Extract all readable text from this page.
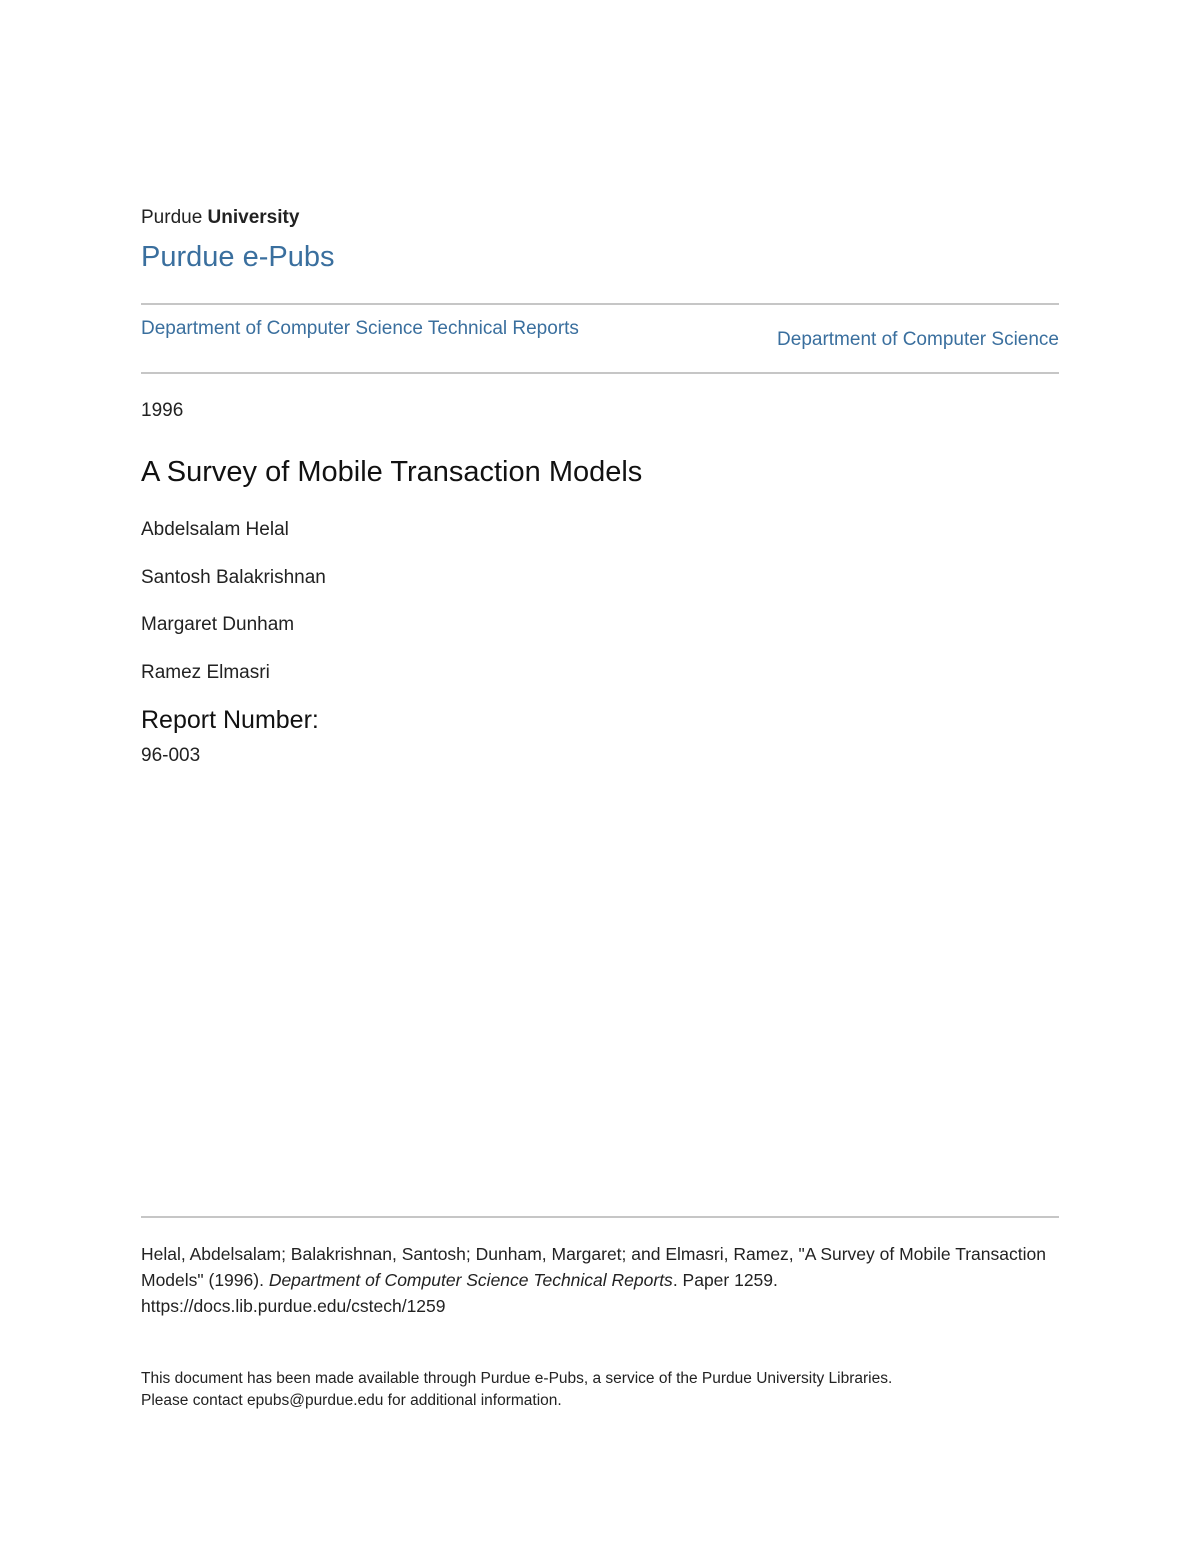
Purdue University
Purdue e-Pubs
Department of Computer Science Technical Reports
Department of Computer Science
1996
A Survey of Mobile Transaction Models
Abdelsalam Helal
Santosh Balakrishnan
Margaret Dunham
Ramez Elmasri
Report Number:
96-003
Helal, Abdelsalam; Balakrishnan, Santosh; Dunham, Margaret; and Elmasri, Ramez, "A Survey of Mobile Transaction Models" (1996). Department of Computer Science Technical Reports. Paper 1259.
https://docs.lib.purdue.edu/cstech/1259
This document has been made available through Purdue e-Pubs, a service of the Purdue University Libraries.
Please contact epubs@purdue.edu for additional information.
